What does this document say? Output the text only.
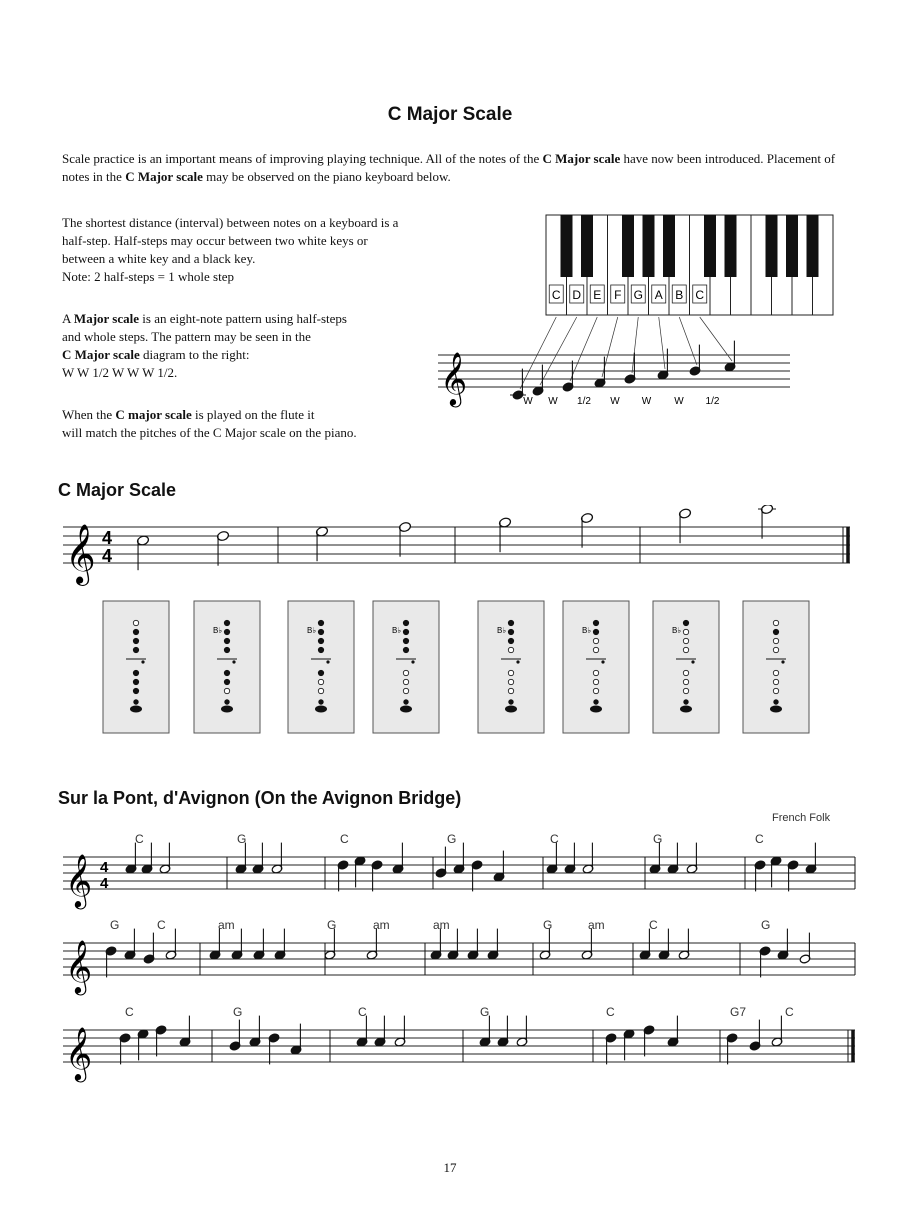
C Major Scale
Scale practice is an important means of improving playing technique. All of the notes of the C Major scale have now been introduced. Placement of notes in the C Major scale may be observed on the piano keyboard below.
The shortest distance (interval) between notes on a keyboard is a
half-step. Half-steps may occur between two white keys or
between a white key and a black key.
Note: 2 half-steps = 1 whole step
A Major scale is an eight-note pattern using half-steps
and whole steps. The pattern may be seen in the
C Major scale diagram to the right:
W W 1/2 W W W 1/2.
When the C major scale is played on the flute it
will match the pitches of the C Major scale on the piano.
C D E F G A B C
𝄞	W W 1/2 W W W 1/2
C Major Scale
𝄞 4
4
B♭	B♭	B♭	B♭	B♭	B♭
Sur la Pont, d'Avignon (On the Avignon Bridge)
French Folk
𝄞 4
4
C	G	C	G	C	G	C
𝄞
G	C	am	G	am	am	G	am	C	G
𝄞
C	G	C	G	C	G7	C
17
